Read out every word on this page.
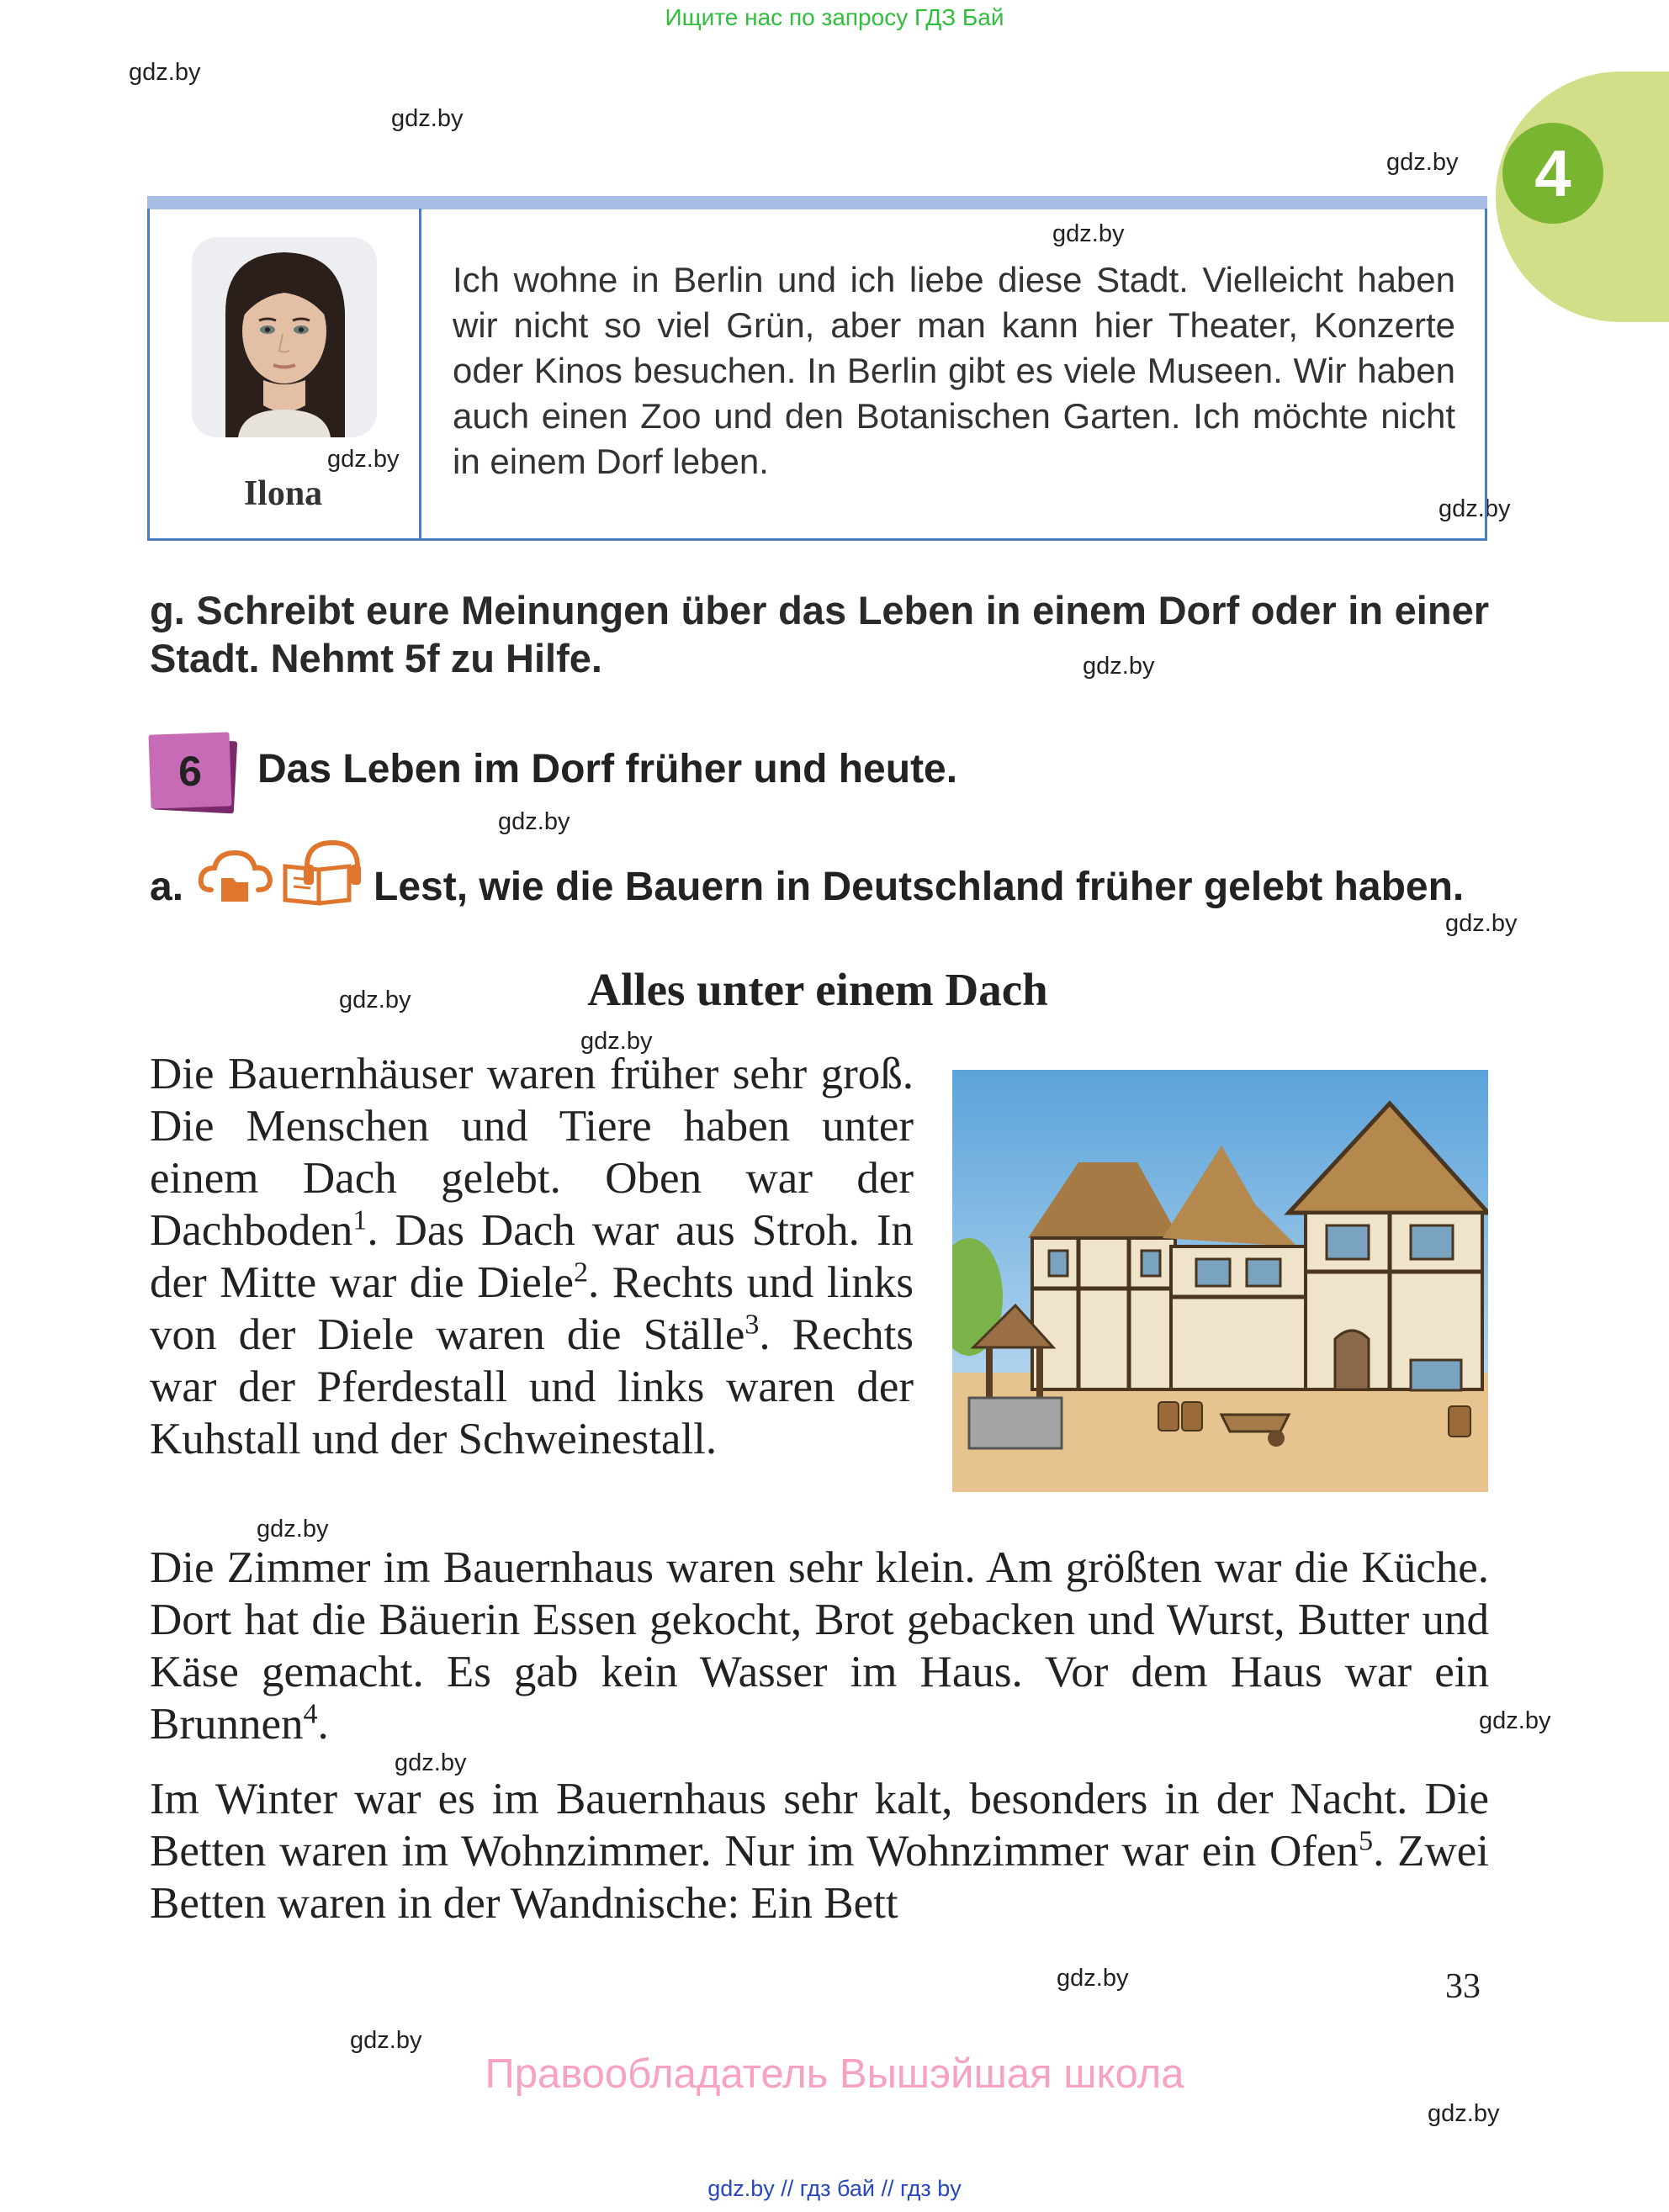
Ищите нас по запросу ГДЗ Бай
gdz.by
gdz.by
gdz.by
gdz.by
gdz.by
gdz.by
gdz.by
gdz.by
gdz.by
gdz.by
gdz.by
gdz.by
gdz.by
gdz.by
gdz.by
gdz.by
gdz.by
4
Ilona
Ich wohne in Berlin und ich liebe diese Stadt. Vielleicht haben wir nicht so viel Grün, aber man kann hier Theater, Konzerte oder Kinos besuchen. In Berlin gibt es viele Museen. Wir haben auch einen Zoo und den Botanischen Garten. Ich möchte nicht in einem Dorf leben.
g. Schreibt eure Meinungen über das Leben in einem Dorf oder in einer Stadt. Nehmt 5f zu Hilfe.
6	Das Leben im Dorf früher und heute.
a.	Lest, wie die Bauern in Deutschland früher gelebt haben.
Alles unter einem Dach
Die Bauernhäuser waren früher sehr groß. Die Menschen und Tiere haben unter einem Dach gelebt. Oben war der Dachboden$^1$. Das Dach war aus Stroh. In der Mitte war die Diele$^2$. Rechts und links von der Diele waren die Ställe$^3$. Rechts war der Pferdestall und links waren der Kuhstall und der Schweinestall.
Die Zimmer im Bauernhaus waren sehr klein. Am größten war die Küche. Dort hat die Bäuerin Essen gekocht, Brot gebacken und Wurst, Butter und Käse gemacht. Es gab kein Wasser im Haus. Vor dem Haus war ein Brunnen$^4$.
Im Winter war es im Bauernhaus sehr kalt, besonders in der Nacht. Die Betten waren im Wohnzimmer. Nur im Wohnzimmer war ein Ofen$^5$. Zwei Betten waren in der Wandnische: Ein Bett
33
Правообладатель Вышэйшая школа
gdz.by // гдз бай // гдз by
